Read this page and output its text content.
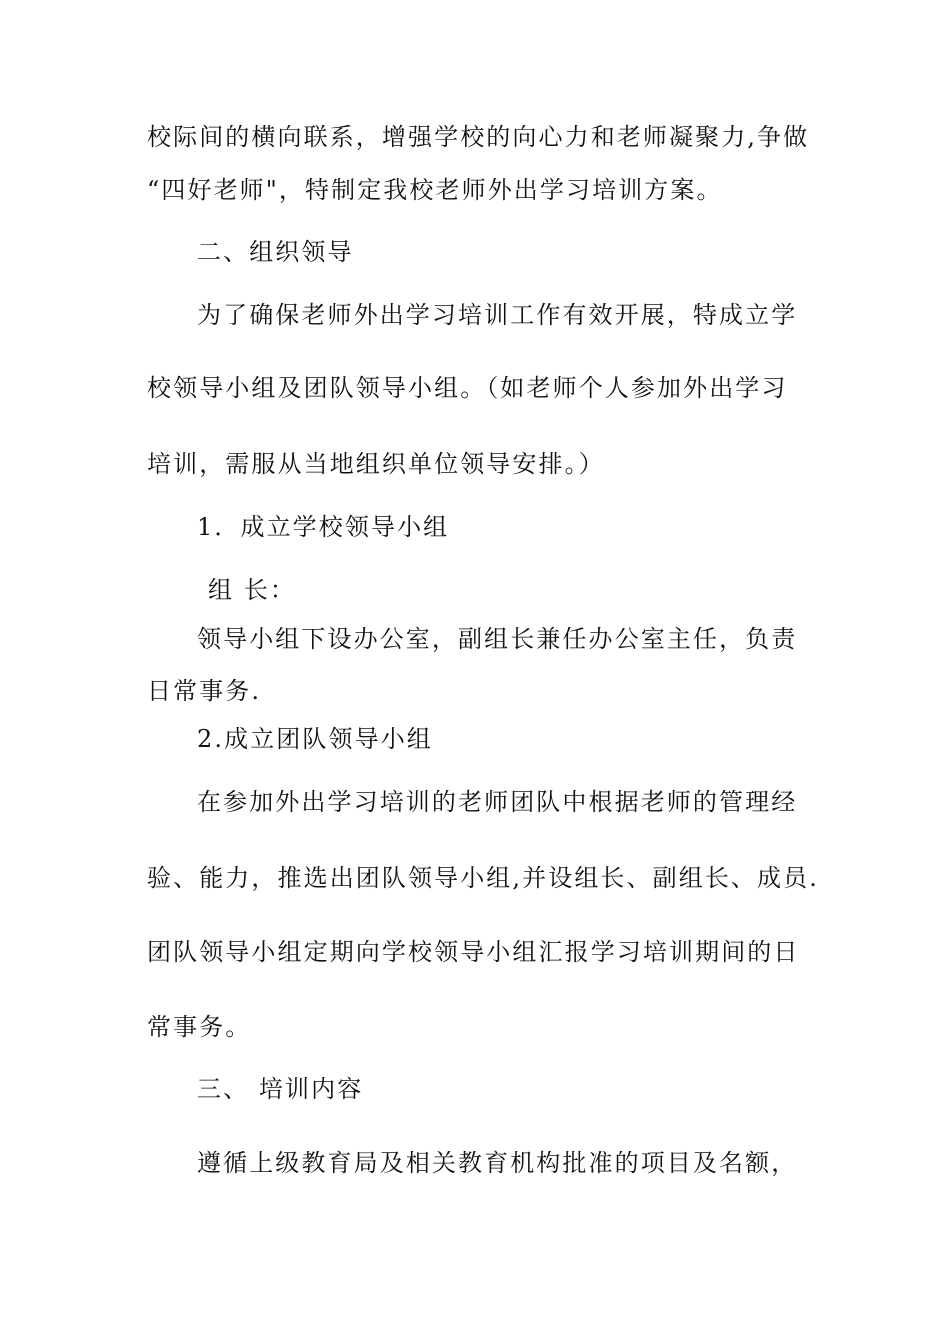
校际间的横向联系，增强学校的向心力和老师凝聚力,争做
“四好老师"，特制定我校老师外出学习培训方案。
二、组织领导
为了确保老师外出学习培训工作有效开展，特成立学
校领导小组及团队领导小组。（如老师个人参加外出学习
培训，需服从当地组织单位领导安排。）
1．成立学校领导小组
组 长：
领导小组下设办公室，副组长兼任办公室主任，负责
日常事务.
2.成立团队领导小组
在参加外出学习培训的老师团队中根据老师的管理经
验、能力，推选出团队领导小组,并设组长、副组长、成员.
团队领导小组定期向学校领导小组汇报学习培训期间的日
常事务。
三、 培训内容
遵循上级教育局及相关教育机构批准的项目及名额，
